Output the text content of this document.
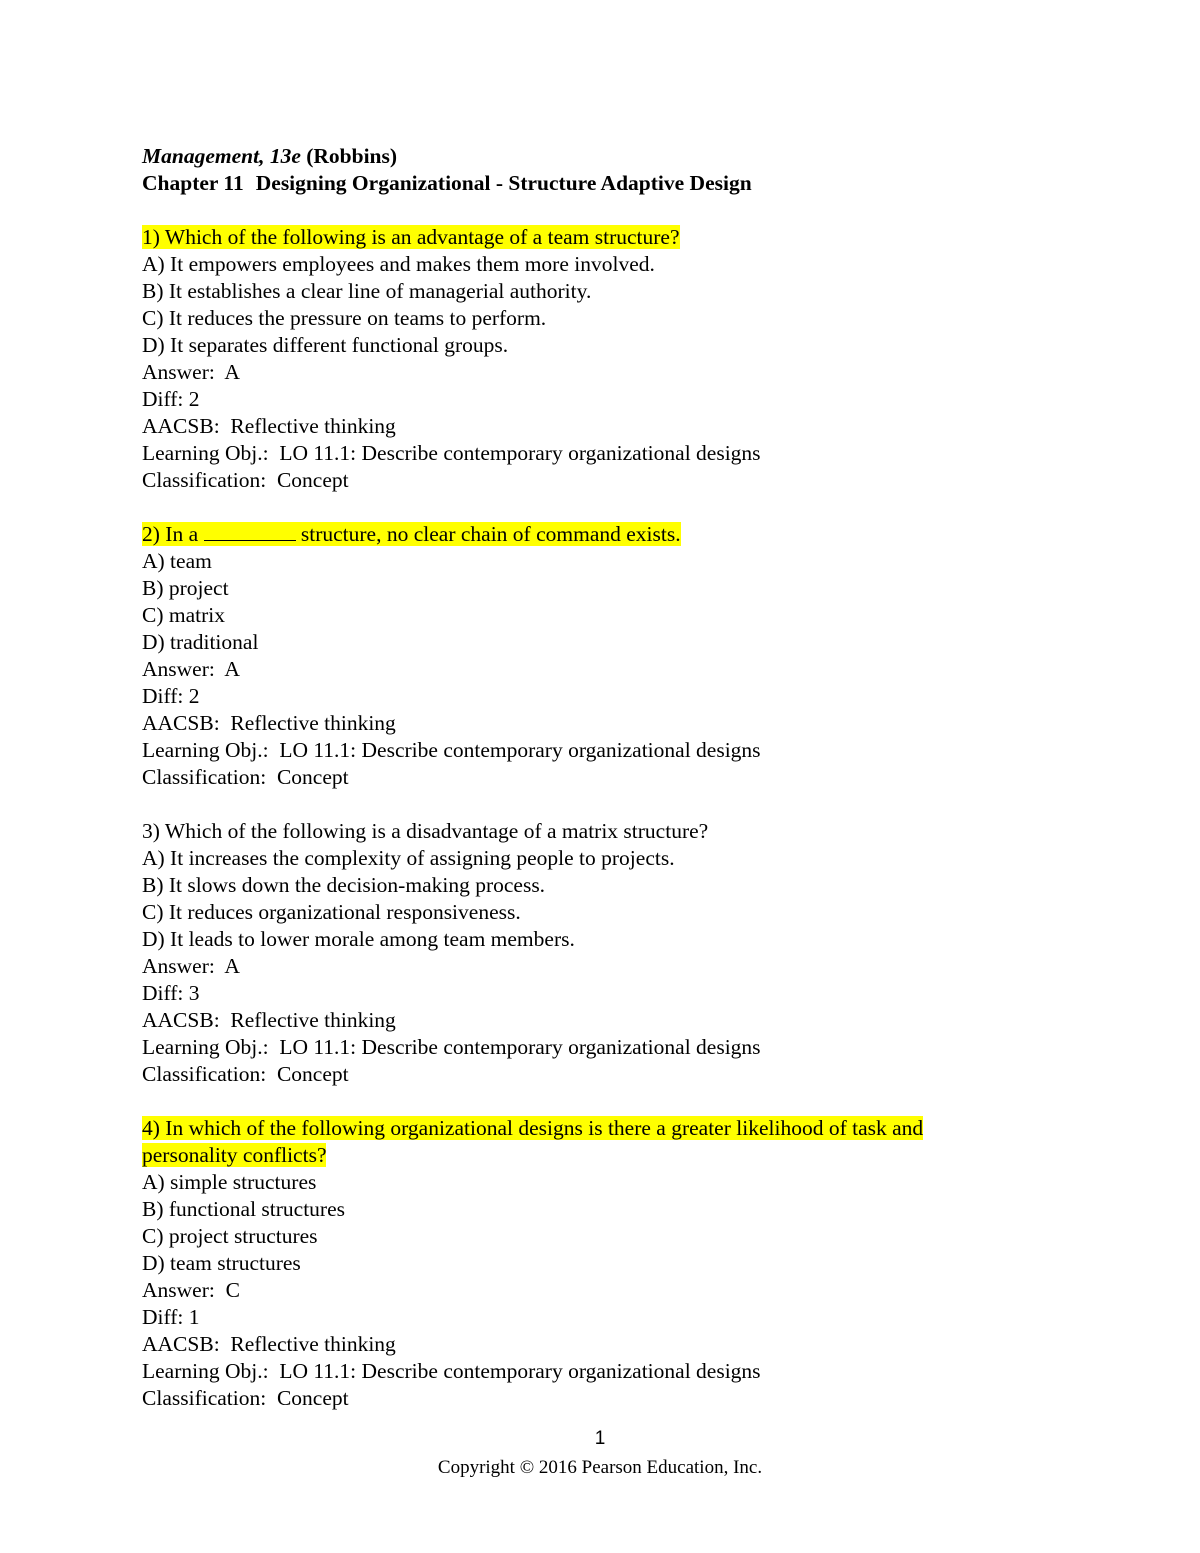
Management, 13e (Robbins)
Chapter 11 Designing Organizational - Structure Adaptive Design
1) Which of the following is an advantage of a team structure?
A) It empowers employees and makes them more involved.
B) It establishes a clear line of managerial authority.
C) It reduces the pressure on teams to perform.
D) It separates different functional groups.
Answer:  A
Diff: 2
AACSB:  Reflective thinking
Learning Obj.:  LO 11.1: Describe contemporary organizational designs
Classification:  Concept
2) In a	structure, no clear chain of command exists.
A) team
B) project
C) matrix
D) traditional
Answer:  A
Diff: 2
AACSB:  Reflective thinking
Learning Obj.:  LO 11.1: Describe contemporary organizational designs
Classification:  Concept
3) Which of the following is a disadvantage of a matrix structure?
A) It increases the complexity of assigning people to projects.
B) It slows down the decision-making process.
C) It reduces organizational responsiveness.
D) It leads to lower morale among team members.
Answer:  A
Diff: 3
AACSB:  Reflective thinking
Learning Obj.:  LO 11.1: Describe contemporary organizational designs
Classification:  Concept
4) In which of the following organizational designs is there a greater likelihood of task and
personality conflicts?
A) simple structures
B) functional structures
C) project structures
D) team structures
Answer:  C
Diff: 1
AACSB:  Reflective thinking
Learning Obj.:  LO 11.1: Describe contemporary organizational designs
Classification:  Concept
1
Copyright © 2016 Pearson Education, Inc.
